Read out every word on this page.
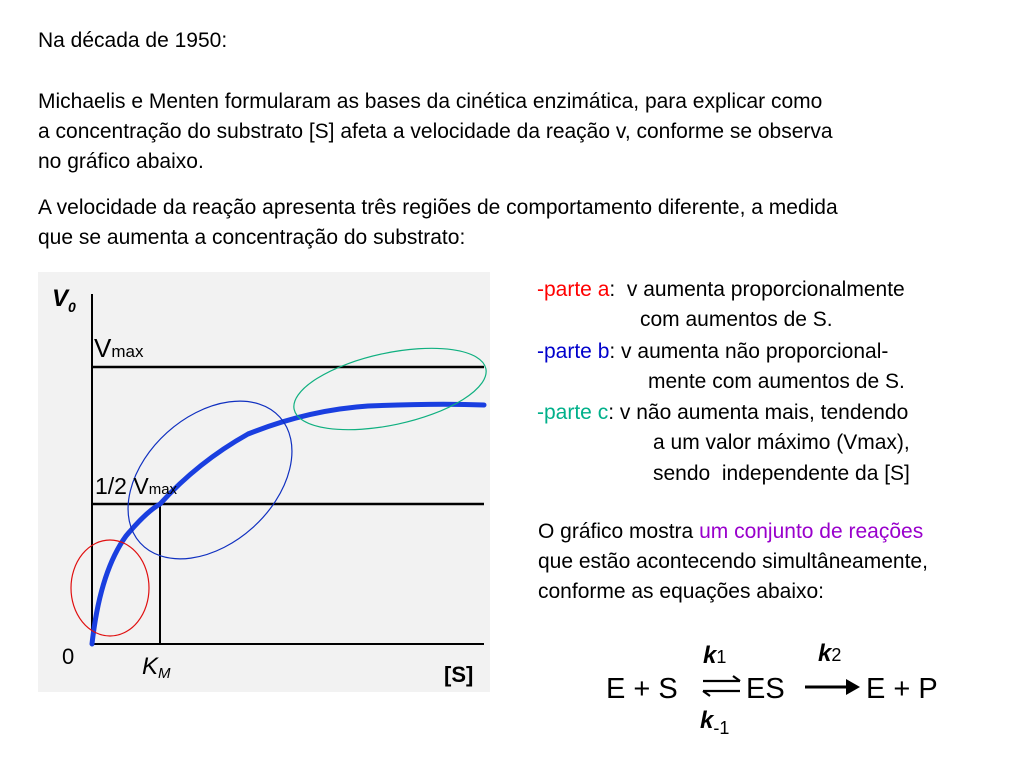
Na década de 1950:
Michaelis e Menten formularam as bases da cinética enzimática, para explicar como
a concentração do substrato [S] afeta a velocidade da reação v, conforme se observa
no gráfico abaixo.
A velocidade da reação apresenta três regiões de comportamento diferente, a medida
que se aumenta a concentração do substrato:
-parte a:  v aumenta proporcionalmente
com aumentos de S.
-parte b: v aumenta não proporcional-
mente com aumentos de S.
-parte c: v não aumenta mais, tendendo
a um valor máximo (Vmax),
sendo  independente da [S]
O gráfico mostra um conjunto de reações
que estão acontecendo simultâneamente,
conforme as equações abaixo:
$V_0$
0
[S]
Vmax
1/2 Vmax
KM	E + S
k1
$k_{-1}$
ES
k2
E + P
